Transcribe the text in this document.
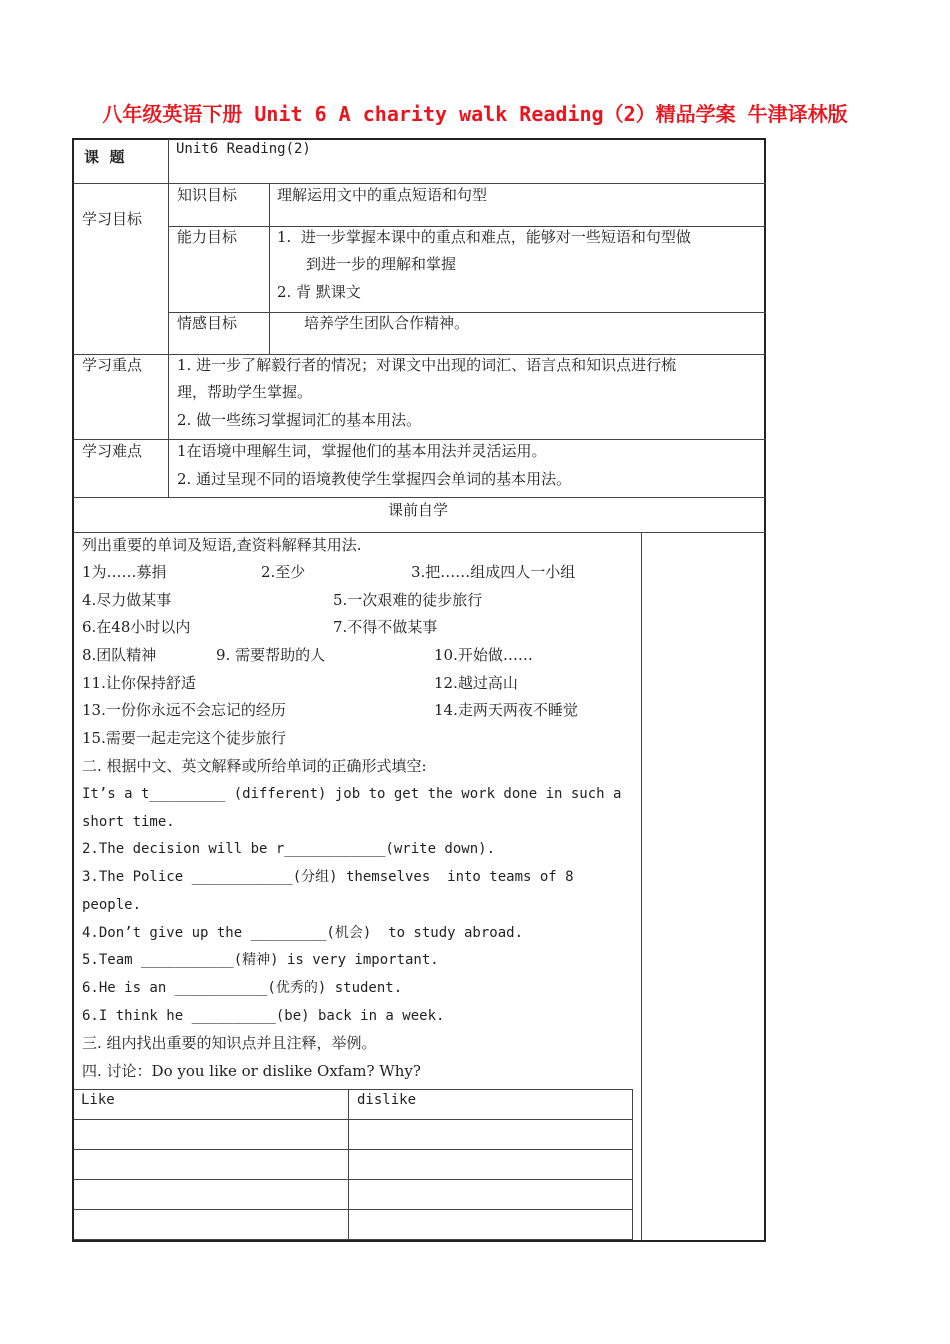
八年级英语下册 Unit 6 A charity walk Reading（2）精品学案 牛津译林版
课  题	Unit6 Reading(2)
学习目标
知识目标	理解运用文中的重点短语和句型
能力目标	1.  进一步掌握本课中的重点和难点，能够对一些短语和句型做
到进一步的理解和掌握
2. 背 默课文
情感目标	培养学生团队合作精神。
学习重点 1. 进一步了解毅行者的情况；对课文中出现的词汇、语言点和知识点进行梳
理，帮助学生掌握。
2. 做一些练习掌握词汇的基本用法。
学习难点 1在语境中理解生词，掌握他们的基本用法并灵活运用。
2. 通过呈现不同的语境教使学生掌握四会单词的基本用法。
课前自学
列出重要的单词及短语,查资料解释其用法.
1为……募捐	2.至少	3.把……组成四人一小组
4.尽力做某事	5.一次艰难的徒步旅行
6.在48小时以内	7.不得不做某事
8.团队精神	9. 需要帮助的人	10.开始做……
11.让你保持舒适	12.越过高山
13.一份你永远不会忘记的经历	14.走两天两夜不睡觉
15.需要一起走完这个徒步旅行
二. 根据中文、英文解释或所给单词的正确形式填空:
It’s a t_________ (different) job to get the work done in such a
short time.
2.The decision will be r____________(write down).
3.The Police ____________(分组) themselves  into teams of 8
people.
4.Don’t give up the _________(机会)  to study abroad.
5.Team ___________(精神) is very important.
6.He is an ___________(优秀的) student.
6.I think he __________(be) back in a week.
三. 组内找出重要的知识点并且注释，举例。
四. 讨论：Do you like or dislike Oxfam? Why?
Like	dislike
